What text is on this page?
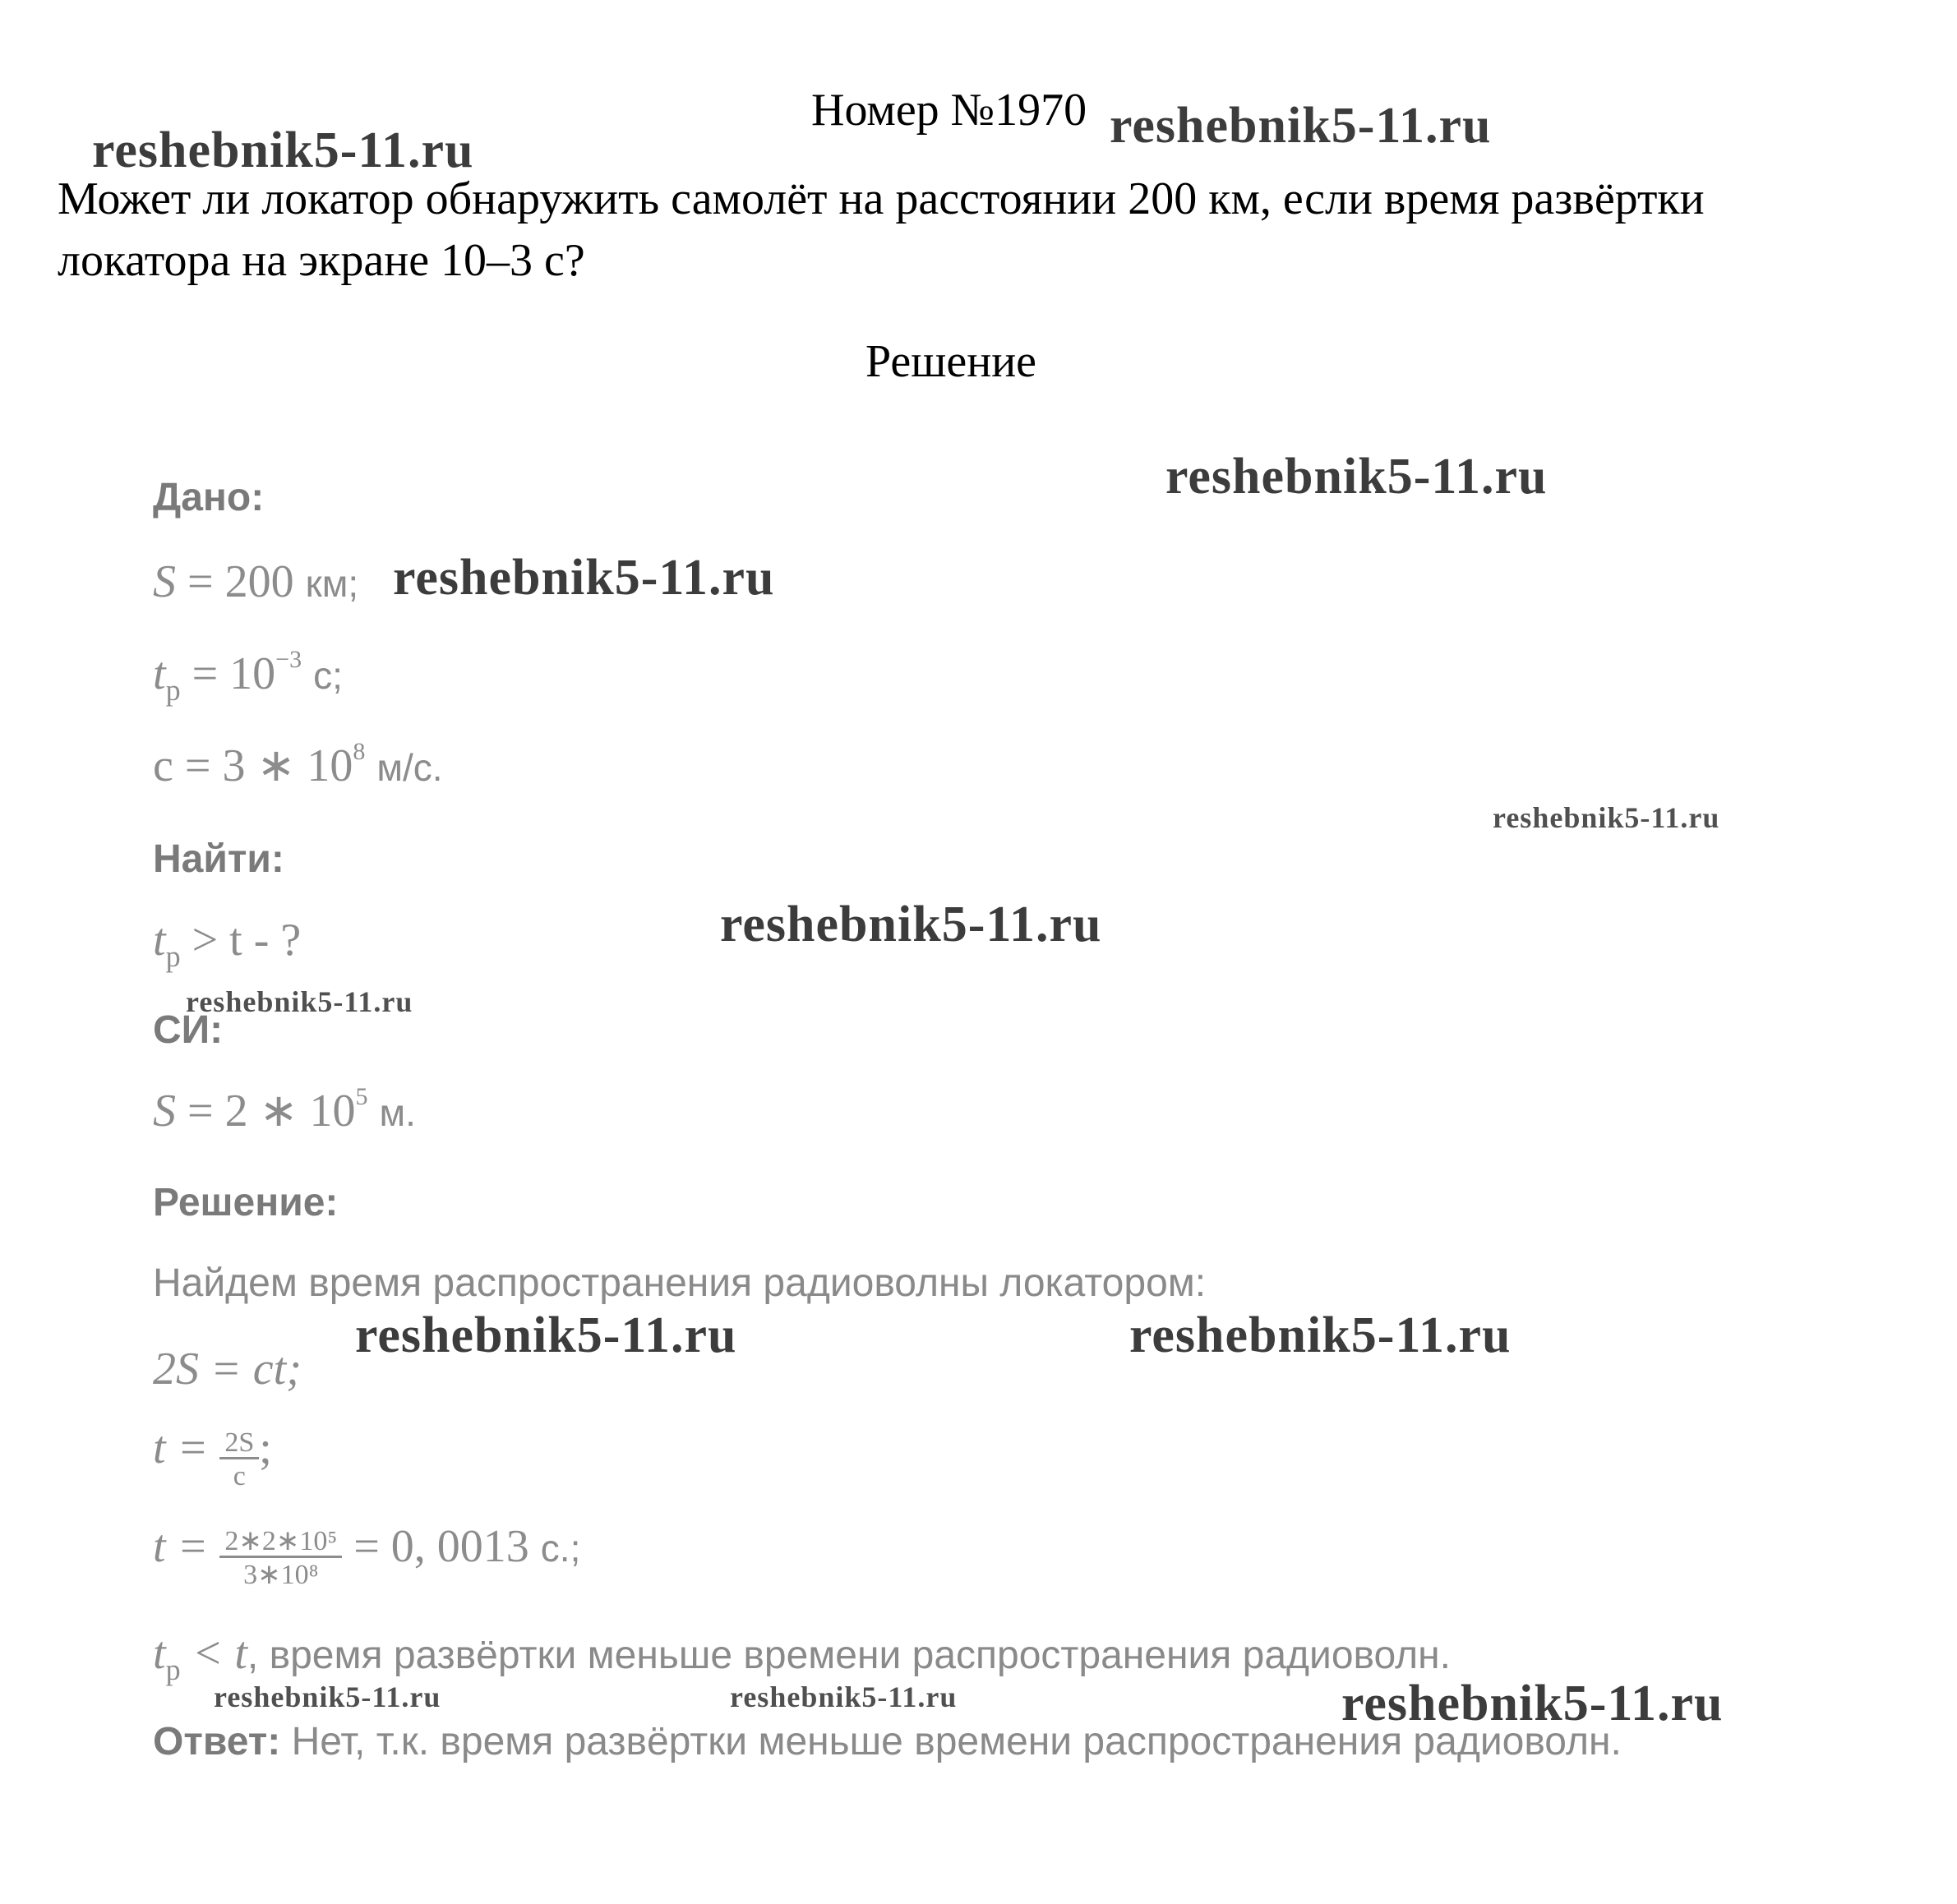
Номер №1970
Может ли локатор обнаружить самолёт на расстоянии 200 км, если время развёртки
локатора на экране 10–3 с?
Решение
Дано:
S = 200 км;
$t_р = 10^{-3}$ с;
c = 3 ∗ $10^8$ м/с.
Найти:
$t_р > t$ - ?
СИ:
S = 2 ∗ $10^5$ м.
Решение:
Найдем время распространения радиоволны локатором:
2S = ct;
$t = \frac{2S}{c}$ ;
$t = \frac{\text{2∗2∗10⁵}}{\text{3∗10⁸}} = 0$, 0013 с.;
$t_р < t$, время развёртки меньше времени распространения радиоволн.
Ответ: Нет, т.к. время развёртки меньше времени распространения радиоволн.
reshebnik5-11.ru	reshebnik5-11.ru
reshebnik5-11.ru
reshebnik5-11.ru
reshebnik5-11.ru
reshebnik5-11.ru
reshebnik5-11.ru
reshebnik5-11.ru	reshebnik5-11.ru
reshebnik5-11.ru	reshebnik5-11.ru	reshebnik5-11.ru
